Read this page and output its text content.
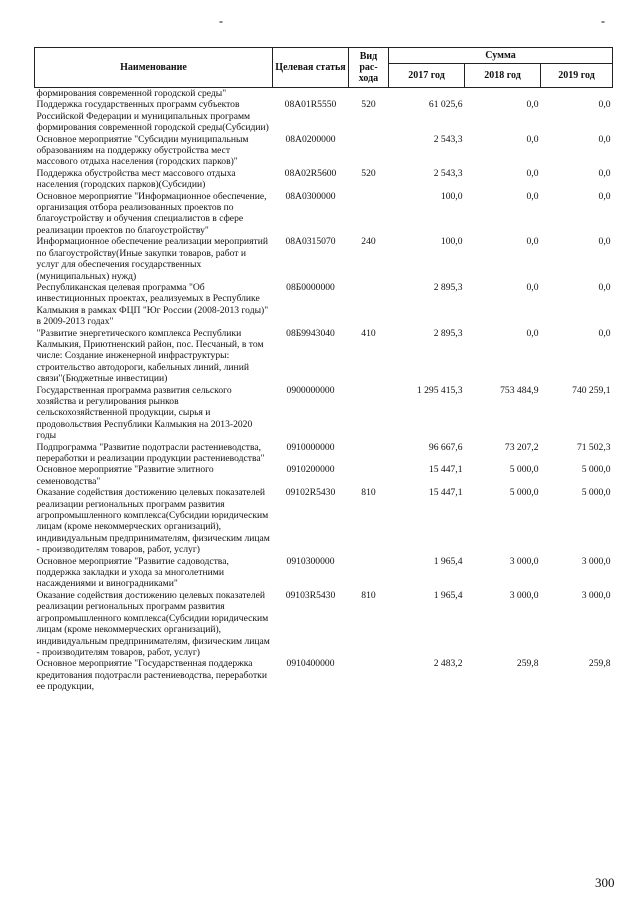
-	-
Наименование	Целевая статья	Вид рас-хода	Сумма		
			2017 год	2018 год	2019 год
формирования современной городской среды"					
Поддержка государственных программ субъектов Российской Федерации и муниципальных программ формирования современной городской среды(Субсидии)	08А01R5550	520	61 025,6	0,0	0,0
Основное мероприятие "Субсидии муниципальным образованиям на поддержку обустройства мест массового отдыха населения (городских парков)"	08А0200000		2 543,3	0,0	0,0
Поддержка обустройства мест массового отдыха населения (городских парков)(Субсидии)	08А02R5600	520	2 543,3	0,0	0,0
Основное мероприятие "Информационное обеспечение, организация отбора реализованных проектов по благоустройству и обучения специалистов в сфере реализации проектов по благоустройству"	08А0300000		100,0	0,0	0,0
Информационное обеспечение реализации мероприятий по благоустройству(Иные закупки товаров, работ и услуг для обеспечения государственных (муниципальных) нужд)	08А0315070	240	100,0	0,0	0,0
Республиканская целевая программа "Об инвестиционных проектах, реализуемых в Республике Калмыкия в рамках ФЦП "Юг России (2008-2013 годы)" в 2009-2013 годах"	08Б0000000		2 895,3	0,0	0,0
"Развитие энергетического комплекса Республики Калмыкия, Приютненский район, пос. Песчаный, в том числе: Создание инженерной инфраструктуры: строительство автодороги, кабельных линий, линий связи"(Бюджетные инвестиции)	08Б9943040	410	2 895,3	0,0	0,0
Государственная программа развития сельского хозяйства и регулирования рынков сельскохозяйственной продукции, сырья и продовольствия Республики Калмыкия на 2013-2020 годы	0900000000		1 295 415,3	753 484,9	740 259,1
Подпрограмма "Развитие подотрасли растениеводства, переработки и реализации продукции растениеводства"	0910000000		96 667,6	73 207,2	71 502,3
Основное мероприятие "Развитие элитного семеноводства"	0910200000		15 447,1	5 000,0	5 000,0
Оказание содействия достижению целевых показателей реализации региональных программ развития агропромышленного комплекса(Субсидии юридическим лицам (кроме некоммерческих организаций), индивидуальным предпринимателям, физическим лицам - производителям товаров, работ, услуг)	09102R5430	810	15 447,1	5 000,0	5 000,0
Основное мероприятие "Развитие садоводства, поддержка закладки и ухода за многолетними насаждениями и виноградниками"	0910300000		1 965,4	3 000,0	3 000,0
Оказание содействия достижению целевых показателей реализации региональных программ развития агропромышленного комплекса(Субсидии юридическим лицам (кроме некоммерческих организаций), индивидуальным предпринимателям, физическим лицам - производителям товаров, работ, услуг)	09103R5430	810	1 965,4	3 000,0	3 000,0
Основное мероприятие "Государственная поддержка кредитования подотрасли растениеводства, переработки ее продукции,	0910400000		2 483,2	259,8	259,8
300
